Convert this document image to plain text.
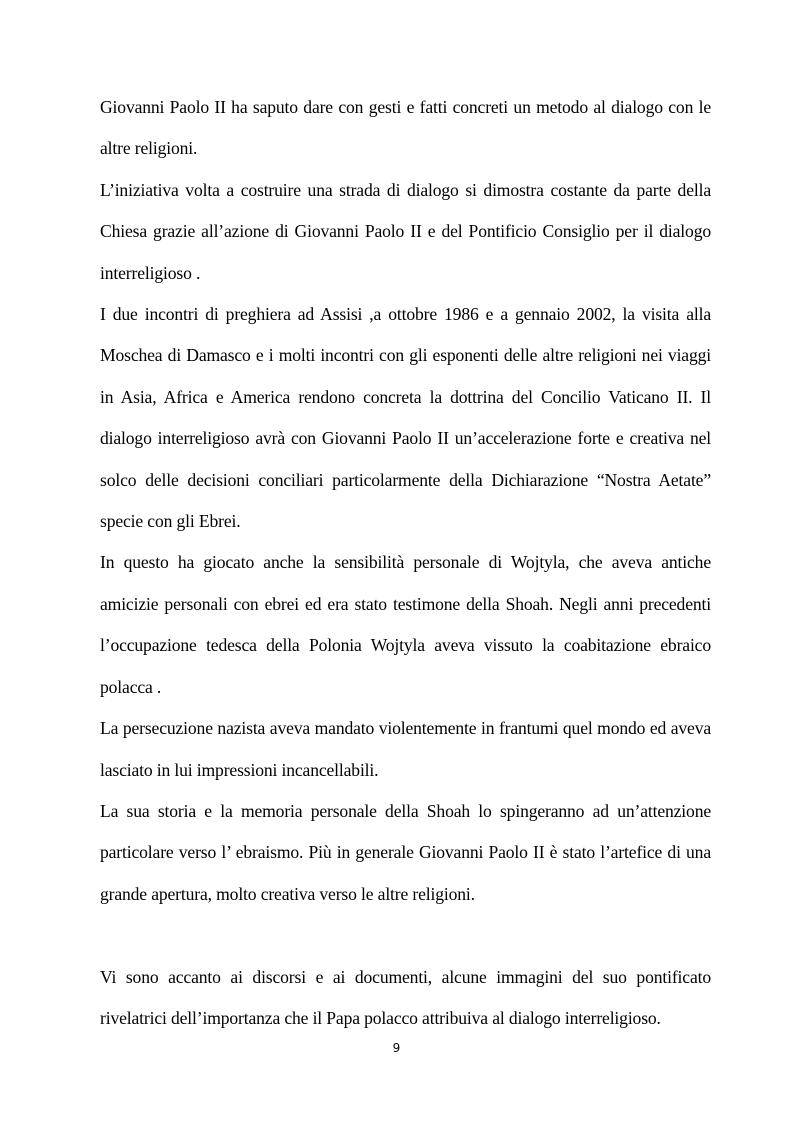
Giovanni Paolo II ha saputo dare con gesti e fatti concreti un metodo al dialogo con le altre religioni.

L’iniziativa volta a costruire una strada di dialogo si dimostra costante da parte della Chiesa grazie all’azione di Giovanni Paolo II e del Pontificio Consiglio per il dialogo interreligioso .

I due incontri di preghiera ad Assisi ,a ottobre 1986 e a gennaio 2002, la visita alla Moschea di Damasco e i molti incontri con gli esponenti delle altre religioni nei viaggi in Asia, Africa e America rendono concreta la dottrina del Concilio Vaticano II. Il dialogo interreligioso avrà con Giovanni Paolo II un’accelerazione forte e creativa nel solco delle decisioni conciliari particolarmente della Dichiarazione “Nostra Aetate” specie con gli Ebrei.

In questo ha giocato anche la sensibilità personale di Wojtyla, che aveva antiche amicizie personali con ebrei ed era stato testimone della Shoah. Negli anni precedenti l’occupazione tedesca della Polonia Wojtyla aveva vissuto la coabitazione ebraico polacca .

La persecuzione nazista aveva mandato violentemente in frantumi quel mondo ed aveva lasciato in lui impressioni incancellabili.

La sua storia e la memoria personale della Shoah lo spingeranno ad un’attenzione particolare verso l’ ebraismo. Più in generale Giovanni Paolo II è stato l’artefice di una grande apertura, molto creativa verso le altre religioni.

Vi sono accanto ai discorsi e ai documenti, alcune immagini del suo pontificato rivelatrici dell’importanza che il Papa polacco attribuiva al dialogo interreligioso.

9
